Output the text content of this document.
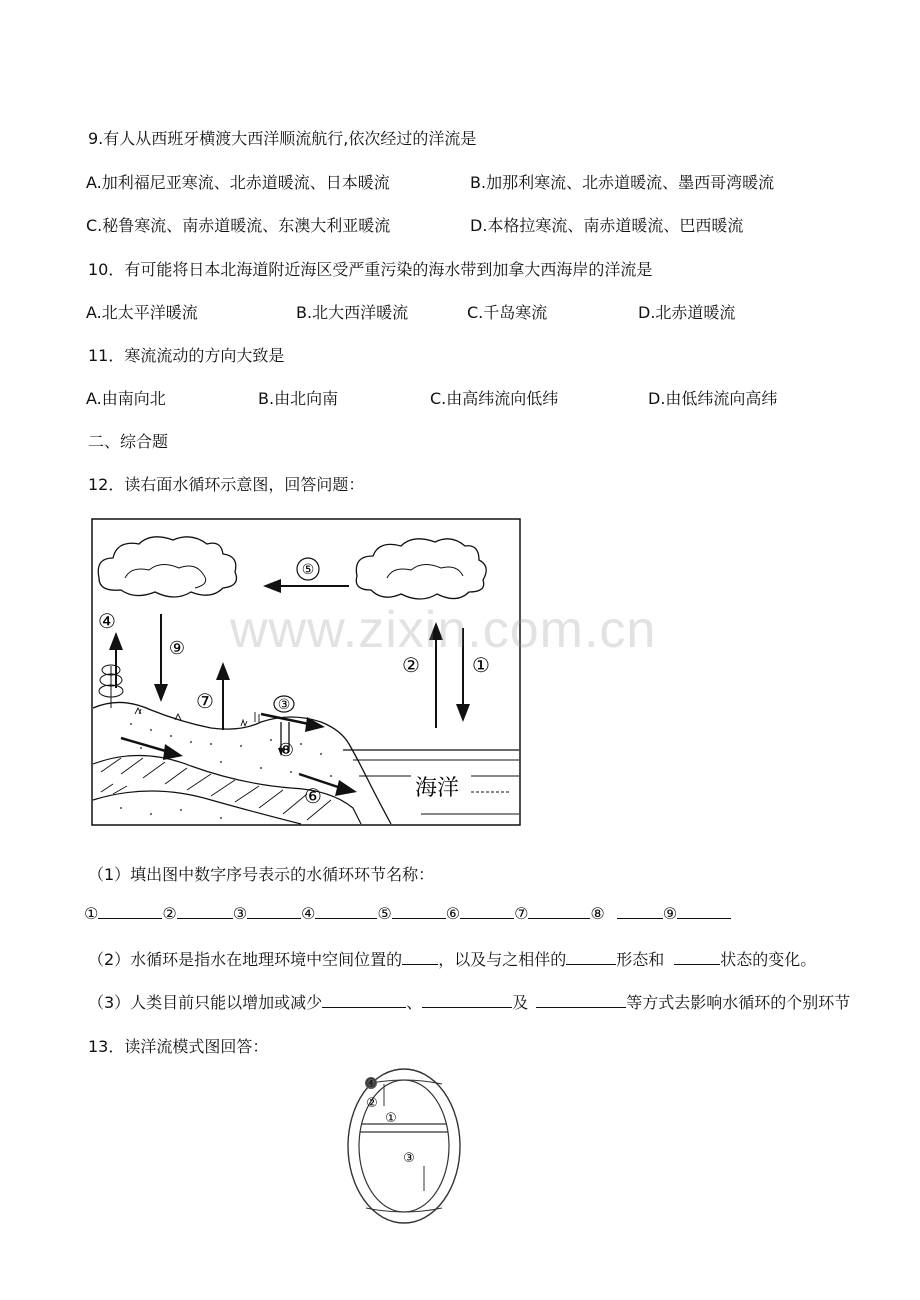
9.有人从西班牙横渡大西洋顺流航行,依次经过的洋流是
A.加利福尼亚寒流、北赤道暖流、日本暖流	B.加那利寒流、北赤道暖流、墨西哥湾暖流
C.秘鲁寒流、南赤道暖流、东澳大利亚暖流	D.本格拉寒流、南赤道暖流、巴西暖流
10．有可能将日本北海道附近海区受严重污染的海水带到加拿大西海岸的洋流是
A.北太平洋暖流	B.北大西洋暖流	C.千岛寒流	D.北赤道暖流
11．寒流流动的方向大致是
A.由南向北	B.由北向南	C.由高纬流向低纬	D.由低纬流向高纬
二、综合题
12．读右面水循环示意图，回答问题：
⑤
②	①
⑨
④
⑦	③
⑧
⑥	海洋
（1）填出图中数字序号表示的水循环环节名称：
①	②	③	④	⑤	⑥	⑦	⑧	⑨
（2）水循环是指水在地理环境中空间位置的 ，以及与之相伴的	形态和	状态的变化。
（3）人类目前只能以增加或减少	、	及	等方式去影响水循环的个别环节
13．读洋流模式图回答：
④
②
①
③
www.zixin.com.cn
